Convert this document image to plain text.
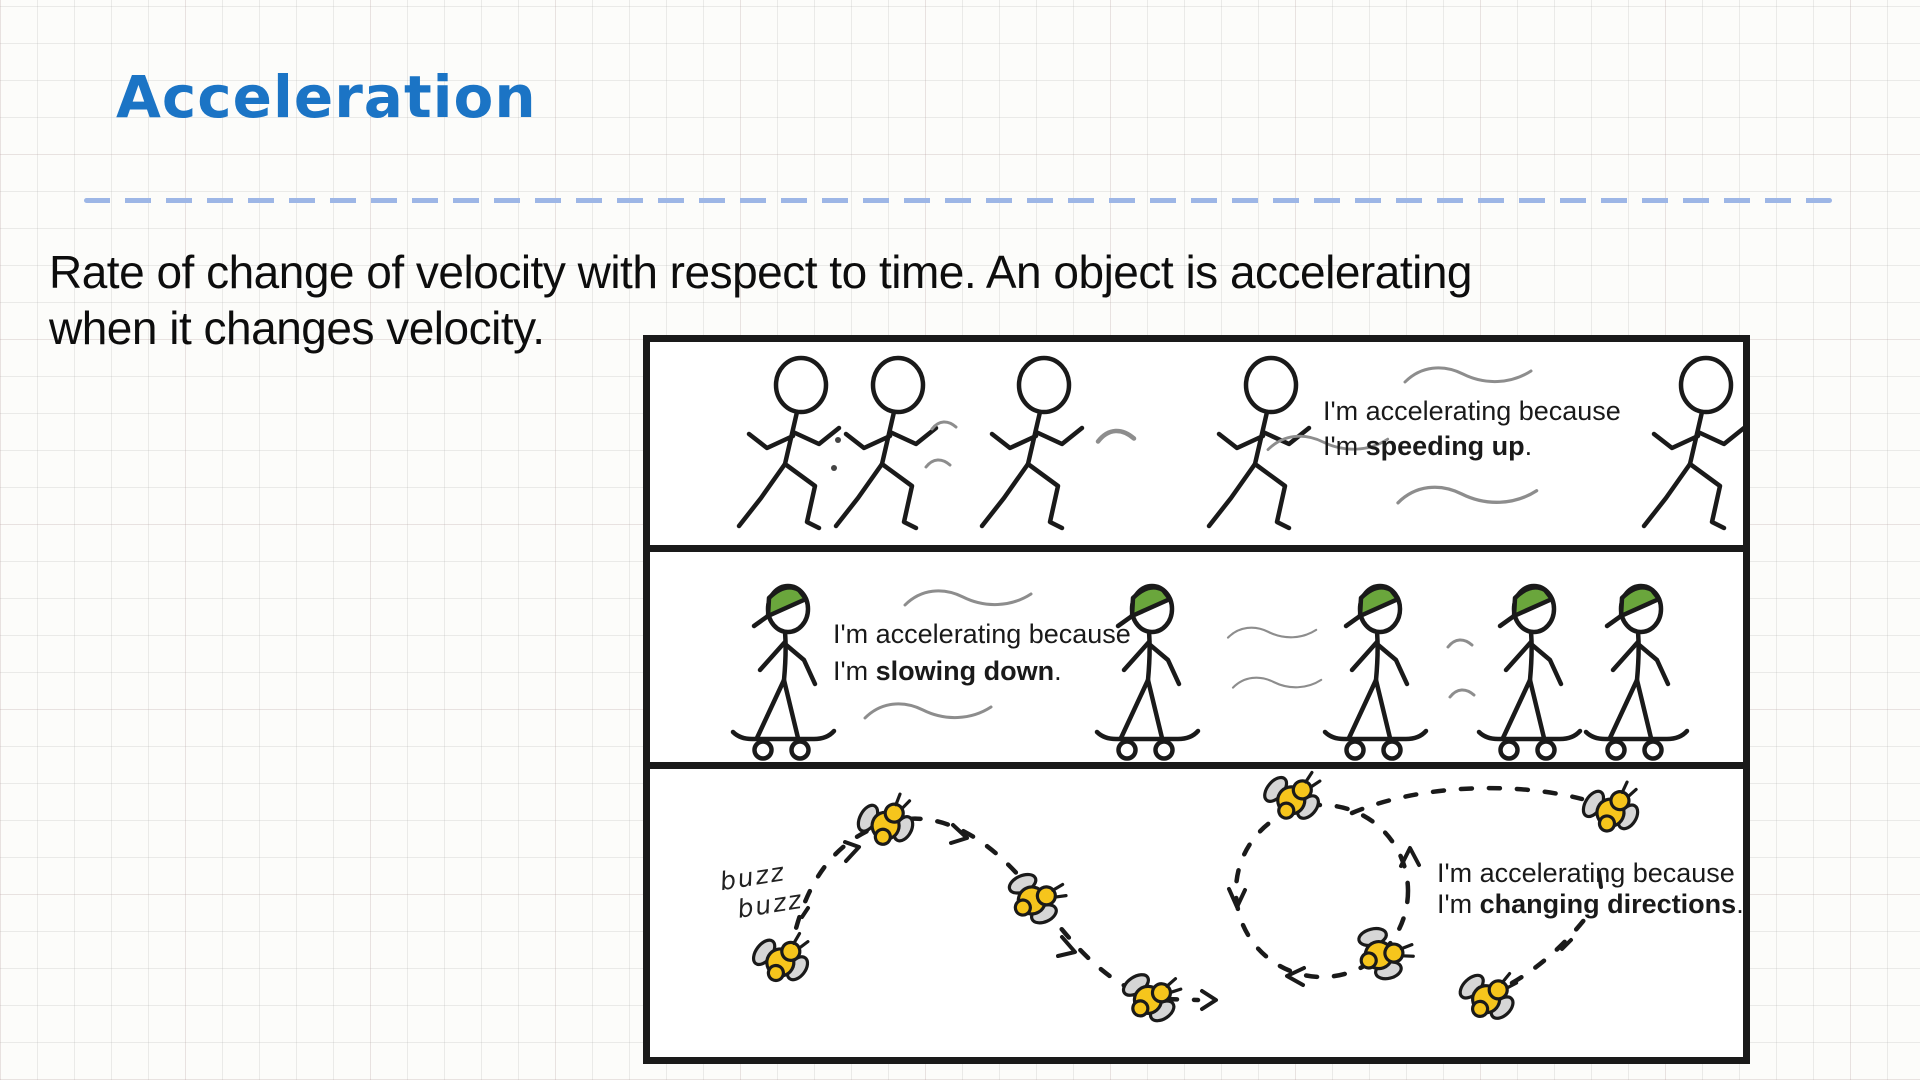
Acceleration
Rate of change of velocity with respect to time. An object is accelerating
when it changes velocity.
I'm accelerating because
I'm speeding up.
I'm accelerating because
I'm slowing down.
buzz
buzz
I'm accelerating because
I'm changing directions.
